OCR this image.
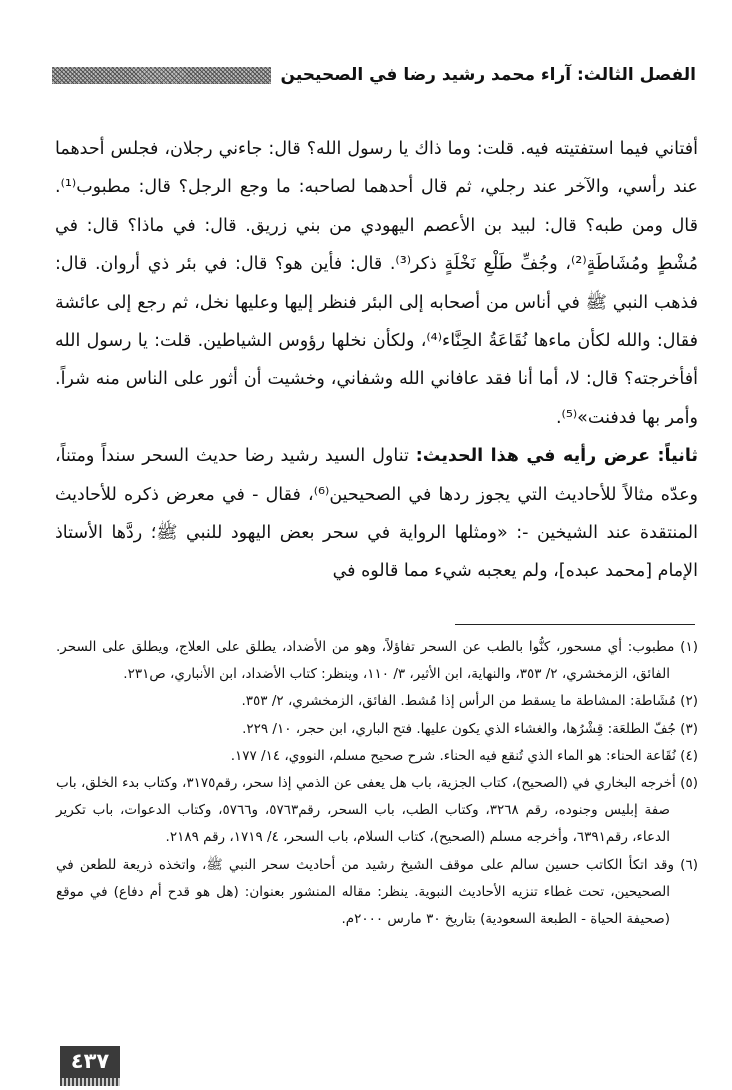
الفصل الثالث: آراء محمد رشيد رضا في الصحيحين

أفتاني فيما استفتيته فيه. قلت: وما ذاك يا رسول الله؟ قال: جاءني رجلان، فجلس أحدهما عند رأسي، والآخر عند رجلي، ثم قال أحدهما لصاحبه: ما وجع الرجل؟ قال: مطبوب⁽¹⁾. قال ومن طبه؟ قال: لبيد بن الأعصم اليهودي من بني زريق. قال: في ماذا؟ قال: في مُشْطٍ ومُشَاطَةٍ⁽²⁾، وجُفِّ طَلْعِ نَخْلَةٍ ذكر⁽³⁾. قال: فأين هو؟ قال: في بئر ذي أروان. قال: فذهب النبي ﷺ في أناس من أصحابه إلى البئر فنظر إليها وعليها نخل، ثم رجع إلى عائشة فقال: والله لكأن ماءها نُقَاعَةُ الحِنَّاء⁽⁴⁾، ولكأن نخلها رؤوس الشياطين. قلت: يا رسول الله أفأخرجته؟ قال: لا، أما أنا فقد عافاني الله وشفاني، وخشيت أن أثور على الناس منه شراً. وأمر بها فدفنت»⁽⁵⁾.

ثانياً: عرض رأيه في هذا الحديث: تناول السيد رشيد رضا حديث السحر سنداً ومتناً، وعدّه مثالاً للأحاديث التي يجوز ردها في الصحيحين⁽⁶⁾، فقال - في معرض ذكره للأحاديث المنتقدة عند الشيخين -: «ومثلها الرواية في سحر بعض اليهود للنبي ﷺ؛ ردَّها الأستاذ الإمام [محمد عبده]، ولم يعجبه شيء مما قالوه في

(١) مطبوب: أي مسحور، كنُّوا بالطب عن السحر تفاؤلاً، وهو من الأضداد، يطلق على العلاج، ويطلق على السحر. الفائق، الزمخشري، ٢/ ٣٥٣، والنهاية، ابن الأثير، ٣/ ١١٠، وينظر: كتاب الأضداد، ابن الأنباري، ص٢٣١.

(٢) مُشَاطة: المشاطة ما يسقط من الرأس إذا مُشط. الفائق، الزمخشري، ٢/ ٣٥٣.

(٣) جُفّ الطلعَة: قِشْرُها، والغشاء الذي يكون عليها. فتح الباري، ابن حجر، ١٠/ ٢٢٩.

(٤) نُقَاعة الحناء: هو الماء الذي تُنقع فيه الحناء. شرح صحيح مسلم، النووي، ١٤/ ١٧٧.

(٥) أخرجه البخاري في (الصحيح)، كتاب الجزية، باب هل يعفى عن الذمي إذا سحر، رقم٣١٧٥، وكتاب بدء الخلق، باب صفة إبليس وجنوده، رقم ٣٢٦٨، وكتاب الطب، باب السحر، رقم٥٧٦٣، و٥٧٦٦، وكتاب الدعوات، باب تكرير الدعاء، رقم٦٣٩١، وأخرجه مسلم (الصحيح)، كتاب السلام، باب السحر، ٤/ ١٧١٩، رقم ٢١٨٩.

(٦) وقد اتكأ الكاتب حسين سالم على موقف الشيخ رشيد من أحاديث سحر النبي ﷺ، واتخذه ذريعة للطعن في الصحيحين، تحت غطاء تنزيه الأحاديث النبوية. ينظر: مقاله المنشور بعنوان: (هل هو قدح أم دفاع) في موقع (صحيفة الحياة - الطبعة السعودية) بتاريخ ٣٠ مارس ٢٠٠٠م.

٤٣٧
